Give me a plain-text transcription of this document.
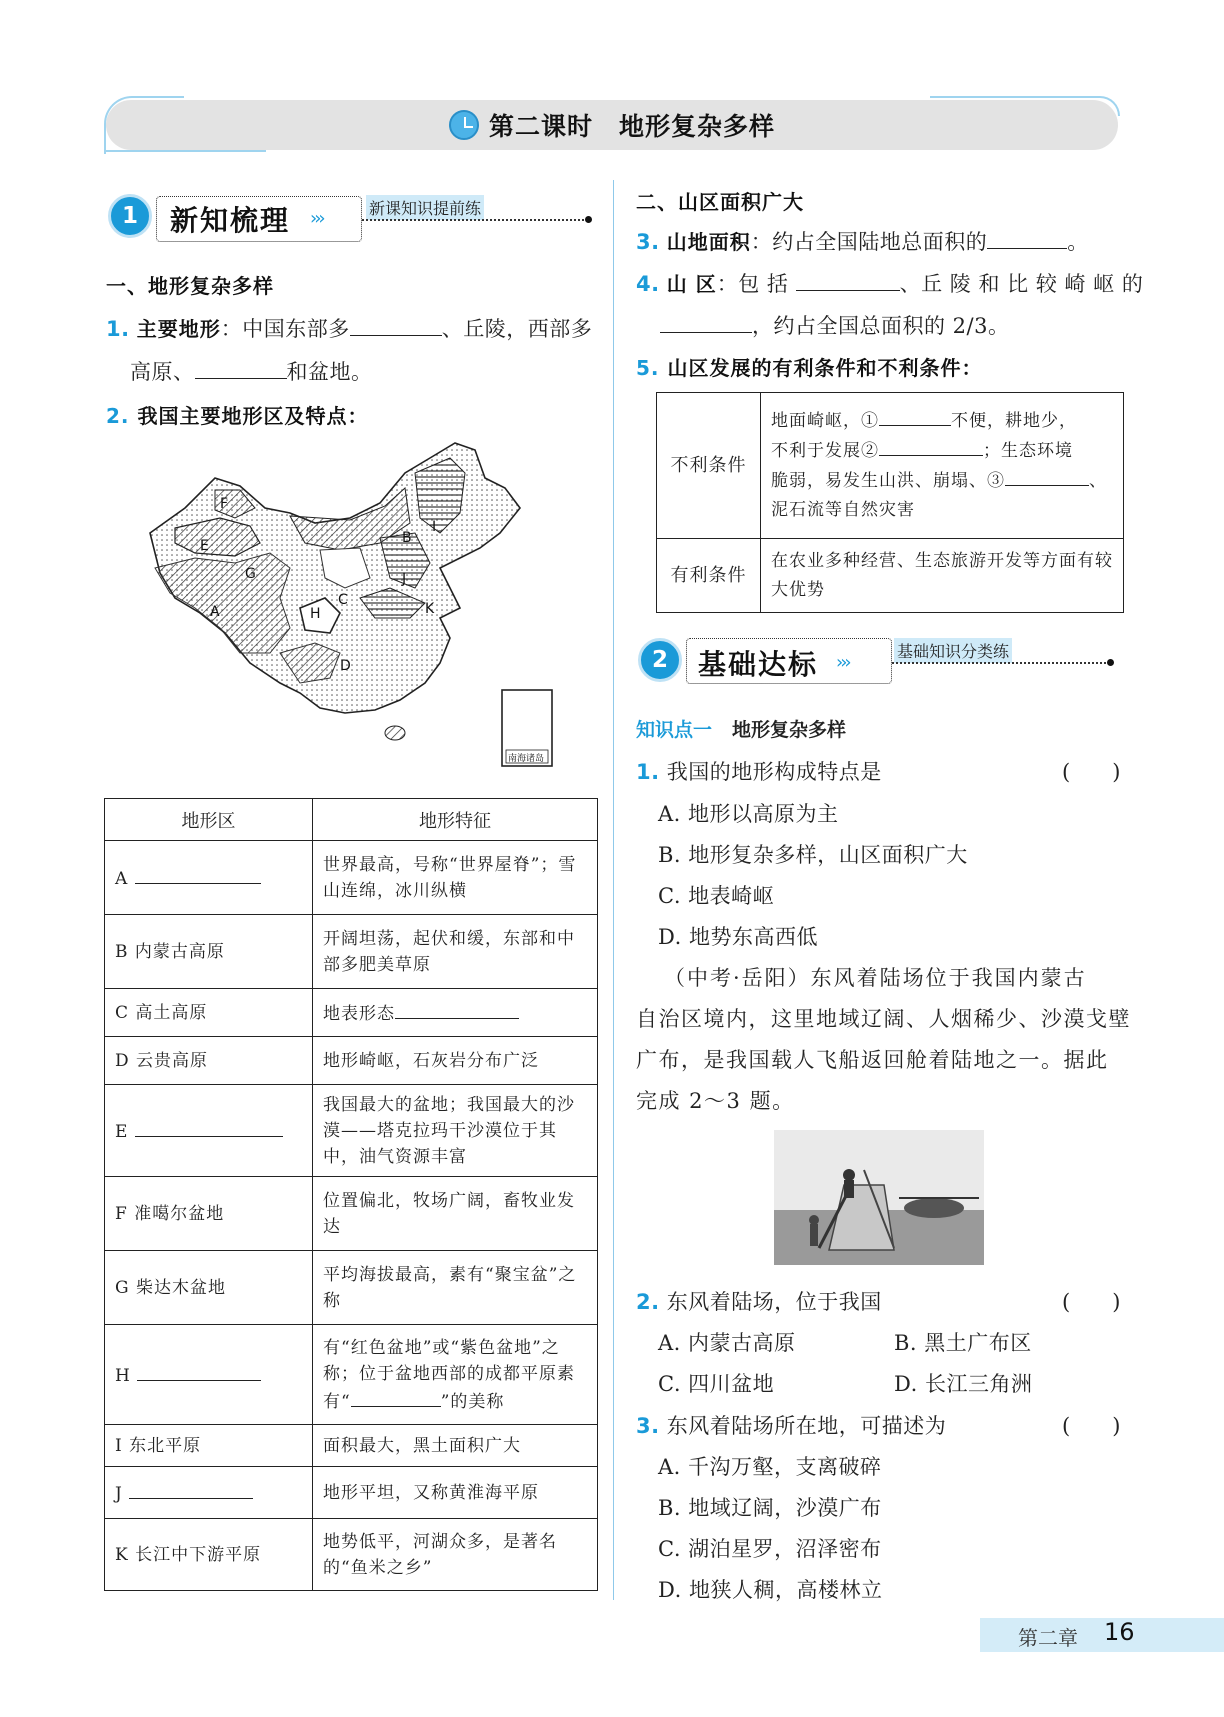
第二课时　地形复杂多样
1	新知梳理 ›››	新课知识提前练
一、地形复杂多样
1. 主要地形：中国东部多	、丘陵，西部多
高原、	和盆地。
2. 我国主要地形区及特点：
F
E
G
A
B
C
H
I
J
K
D
南海诸岛
地形区	地形特征
A	世界最高，号称“世界屋脊”；雪山连绵，冰川纵横
B 内蒙古高原	开阔坦荡，起伏和缓，东部和中部多肥美草原
C 高土高原	地表形态
D 云贵高原	地形崎岖，石灰岩分布广泛
E	我国最大的盆地；我国最大的沙漠——塔克拉玛干沙漠位于其中，油气资源丰富
F 准噶尔盆地	位置偏北，牧场广阔，畜牧业发达
G 柴达木盆地	平均海拔最高，素有“聚宝盆”之称
H	有“红色盆地”或“紫色盆地”之称；位于盆地西部的成都平原素有“ ”的美称
I 东北平原	面积最大，黑土面积广大
J	地形平坦，又称黄淮海平原
K 长江中下游平原	地势低平，河湖众多，是著名的“鱼米之乡”
二、山区面积广大
3. 山地面积：约占全国陆地总面积的	。
4. 山 区：包 括	、丘 陵 和 比 较 崎 岖 的
，约占全国总面积的 2/3。
5. 山区发展的有利条件和不利条件：
不利条件	地面崎岖，① 不便，耕地少，
不利于发展② ；生态环境
脆弱，易发生山洪、崩塌、③ 、
泥石流等自然灾害
有利条件	在农业多种经营、生态旅游开发等方面有较大优势
2	基础达标 ›››
基础知识分类练
知识点一 地形复杂多样
1. 我国的地形构成特点是	(　　)
A. 地形以高原为主
B. 地形复杂多样，山区面积广大
C. 地表崎岖
D. 地势东高西低
（中考·岳阳）东风着陆场位于我国内蒙古
自治区境内，这里地域辽阔、人烟稀少、沙漠戈壁
广布，是我国载人飞船返回舱着陆地之一。据此
完成 2～3 题。
2. 东风着陆场，位于我国	(　　)
A. 内蒙古高原	B. 黑土广布区
C. 四川盆地	D. 长江三角洲
3. 东风着陆场所在地，可描述为	(　　)
A. 千沟万壑，支离破碎
B. 地域辽阔，沙漠广布
C. 湖泊星罗，沼泽密布
D. 地狭人稠，高楼林立
第二章 16
